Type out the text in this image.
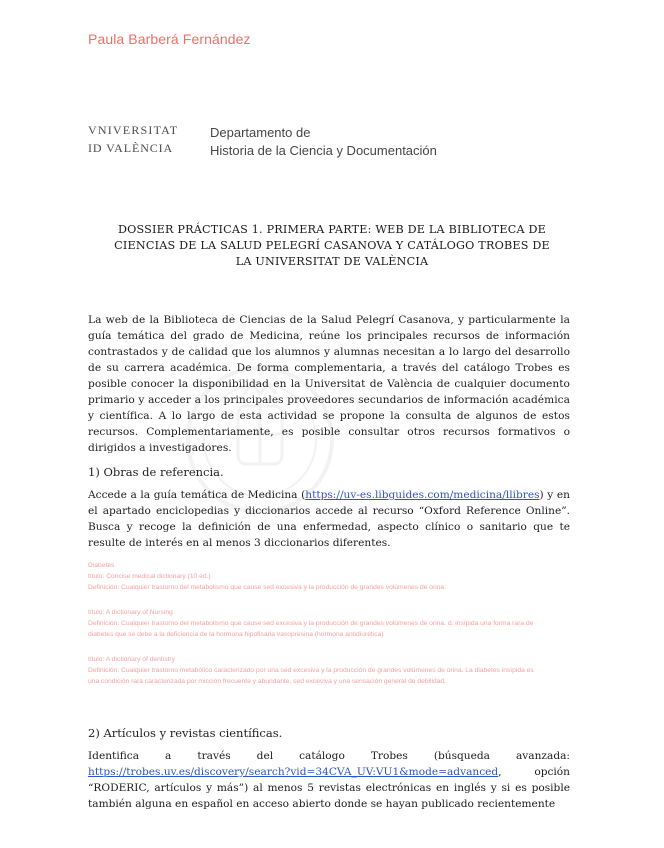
Paula Barberá Fernández
VNIVERSITAT
ID VALÈNCIA
Departamento de
Historia de la Ciencia y Documentación
DOSSIER PRÁCTICAS 1. PRIMERA PARTE: WEB DE LA BIBLIOTECA DE
CIENCIAS DE LA SALUD PELEGRÍ CASANOVA Y CATÁLOGO TROBES DE
LA UNIVERSITAT DE VALÈNCIA
La web de la Biblioteca de Ciencias de la Salud Pelegrí Casanova, y particularmente la guía temática del grado de Medicina, reúne los principales recursos de información contrastados y de calidad que los alumnos y alumnas necesitan a lo largo del desarrollo de su carrera académica. De forma complementaria, a través del catálogo Trobes es posible conocer la disponibilidad en la Universitat de València de cualquier documento primario y acceder a los principales proveedores secundarios de información académica y científica. A lo largo de esta actividad se propone la consulta de algunos de estos recursos. Complementariamente, es posible consultar otros recursos formativos o dirigidos a investigadores.
1) Obras de referencia.
Accede a la guía temática de Medicina (https://uv-es.libguides.com/medicina/llibres) y en el apartado enciclopedias y diccionarios accede al recurso “Oxford Reference Online”. Busca y recoge la definición de una enfermedad, aspecto clínico o sanitario que te resulte de interés en al menos 3 diccionarios diferentes.
Diabetes
título: Concise medical dictionary (10 ed.)
Definición: Cualquier trastorno del metabolismo que cause sed excesiva y la producción de grandes volúmenes de orina.
título: A dictionary of Nursing
Definición: Cualquier trastorno del metabolismo que cause sed excesiva y la producción de grandes volúmenes de orina. d. insípida una forma rara de
diabetes que se debe a la deficiencia de la hormona hipofisaria vasopresina (hormona antidiurética)
título: A dictionary of dentistry
Definición: Cualquier trastorno metabólico caracterizado por una sed excesiva y la producción de grandes volúmenes de orina. La diabetes insípida es
una condición rara caracterizada por micción frecuente y abundante, sed excesiva y una sensación general de debilidad.
2) Artículos y revistas científicas.
Identifica a través del catálogo Trobes (búsqueda avanzada: https://trobes.uv.es/discovery/search?vid=34CVA_UV:VU1&mode=advanced, opción “RODERIC, artículos y más”) al menos 5 revistas electrónicas en inglés y si es posible también alguna en español en acceso abierto donde se hayan publicado recientemente
